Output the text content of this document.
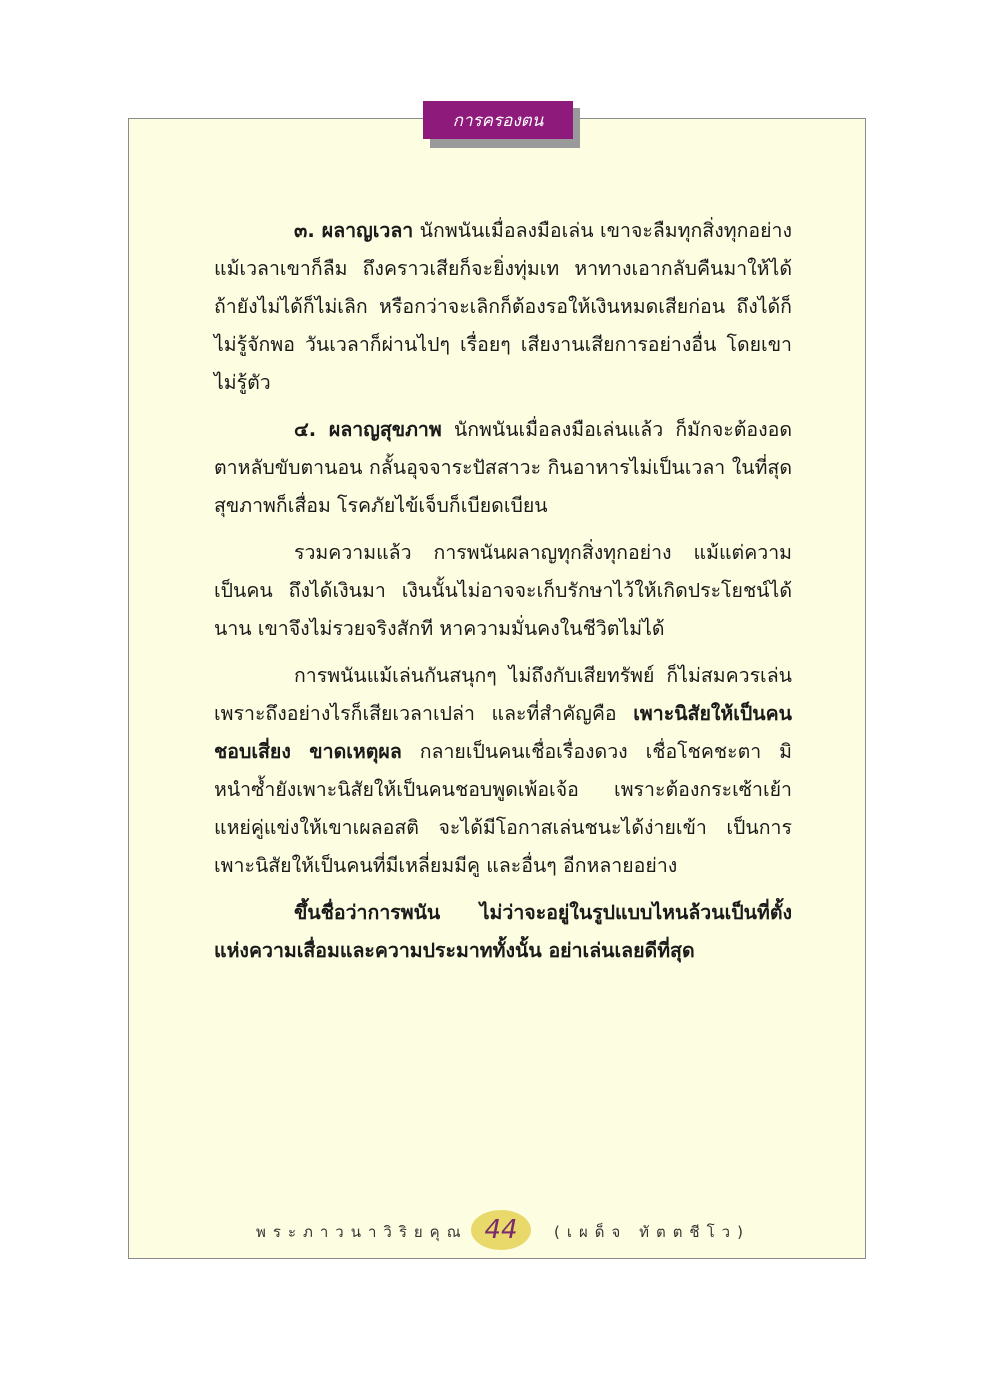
การครองตน

๓. ผลาญเวลา นักพนันเมื่อลงมือเล่น เขาจะลืมทุกสิ่งทุกอย่าง แม้เวลาเขาก็ลืม ถึงคราวเสียก็จะยิ่งทุ่มเท หาทางเอากลับคืนมาให้ได้ ถ้ายังไม่ได้ก็ไม่เลิก หรือกว่าจะเลิกก็ต้องรอให้เงินหมดเสียก่อน ถึงได้ก็ไม่รู้จักพอ วันเวลาก็ผ่านไปๆ เรื่อยๆ เสียงานเสียการอย่างอื่น โดยเขาไม่รู้ตัว

๔. ผลาญสุขภาพ นักพนันเมื่อลงมือเล่นแล้ว ก็มักจะต้องอดตาหลับขับตานอน กลั้นอุจจาระปัสสาวะ กินอาหารไม่เป็นเวลา ในที่สุดสุขภาพก็เสื่อม โรคภัยไข้เจ็บก็เบียดเบียน

รวมความแล้ว การพนันผลาญทุกสิ่งทุกอย่าง แม้แต่ความเป็นคน ถึงได้เงินมา เงินนั้นไม่อาจจะเก็บรักษาไว้ให้เกิดประโยชน์ได้นาน เขาจึงไม่รวยจริงสักที หาความมั่นคงในชีวิตไม่ได้

การพนันแม้เล่นกันสนุกๆ ไม่ถึงกับเสียทรัพย์ ก็ไม่สมควรเล่น เพราะถึงอย่างไรก็เสียเวลาเปล่า และที่สำคัญคือ เพาะนิสัยให้เป็นคนชอบเสี่ยง ขาดเหตุผล กลายเป็นคนเชื่อเรื่องดวง เชื่อโชคชะตา มิหนำซ้ำยังเพาะนิสัยให้เป็นคนชอบพูดเพ้อเจ้อ เพราะต้องกระเซ้าเย้าแหย่คู่แข่งให้เขาเผลอสติ จะได้มีโอกาสเล่นชนะได้ง่ายเข้า เป็นการเพาะนิสัยให้เป็นคนที่มีเหลี่ยมมีคู และอื่นๆ อีกหลายอย่าง

ขึ้นชื่อว่าการพนัน ไม่ว่าจะอยู่ในรูปแบบไหนล้วนเป็นที่ตั้งแห่งความเสื่อมและความประมาททั้งนั้น อย่าเล่นเลยดีที่สุด

พระภาวนาวิริยคุณ 44 (เผด็จ ทัตตชีโว)
